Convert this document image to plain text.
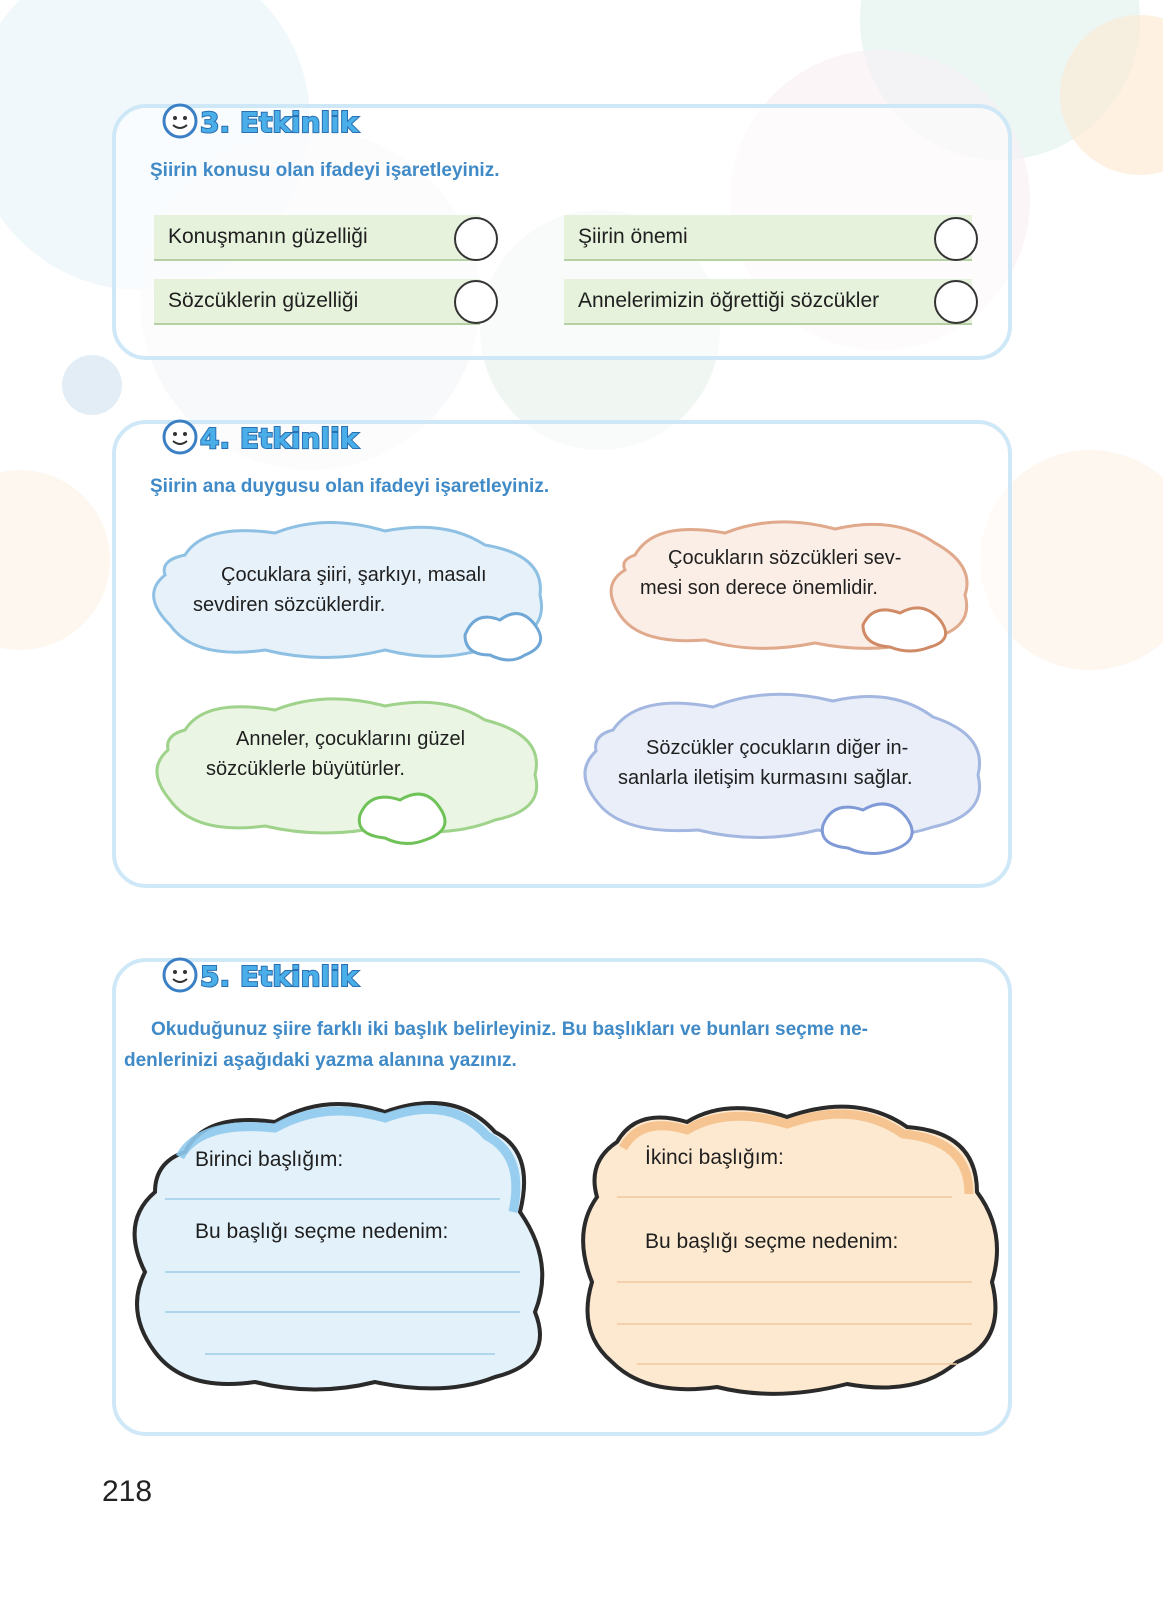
3. Etkinlik
Şiirin konusu olan ifadeyi işaretleyiniz.
Konuşmanın güzelliği	Şiirin önemi
Sözcüklerin güzelliği	Annelerimizin öğrettiği sözcükler
4. Etkinlik
Şiirin ana duygusu olan ifadeyi işaretleyiniz.
Çocuklara şiiri, şarkıyı, masalı
sevdiren sözcüklerdir.
Çocukların sözcükleri sev-
mesi son derece önemlidir.
Anneler, çocuklarını güzel
sözcüklerle büyütürler.
Sözcükler çocukların diğer in-
sanlarla iletişim kurmasını sağlar.
5. Etkinlik
Okuduğunuz şiire farklı iki başlık belirleyiniz. Bu başlıkları ve bunları seçme ne-
denlerinizi aşağıdaki yazma alanına yazınız.
Birinci başlığım:
Bu başlığı seçme nedenim:
İkinci başlığım:
Bu başlığı seçme nedenim:
218
